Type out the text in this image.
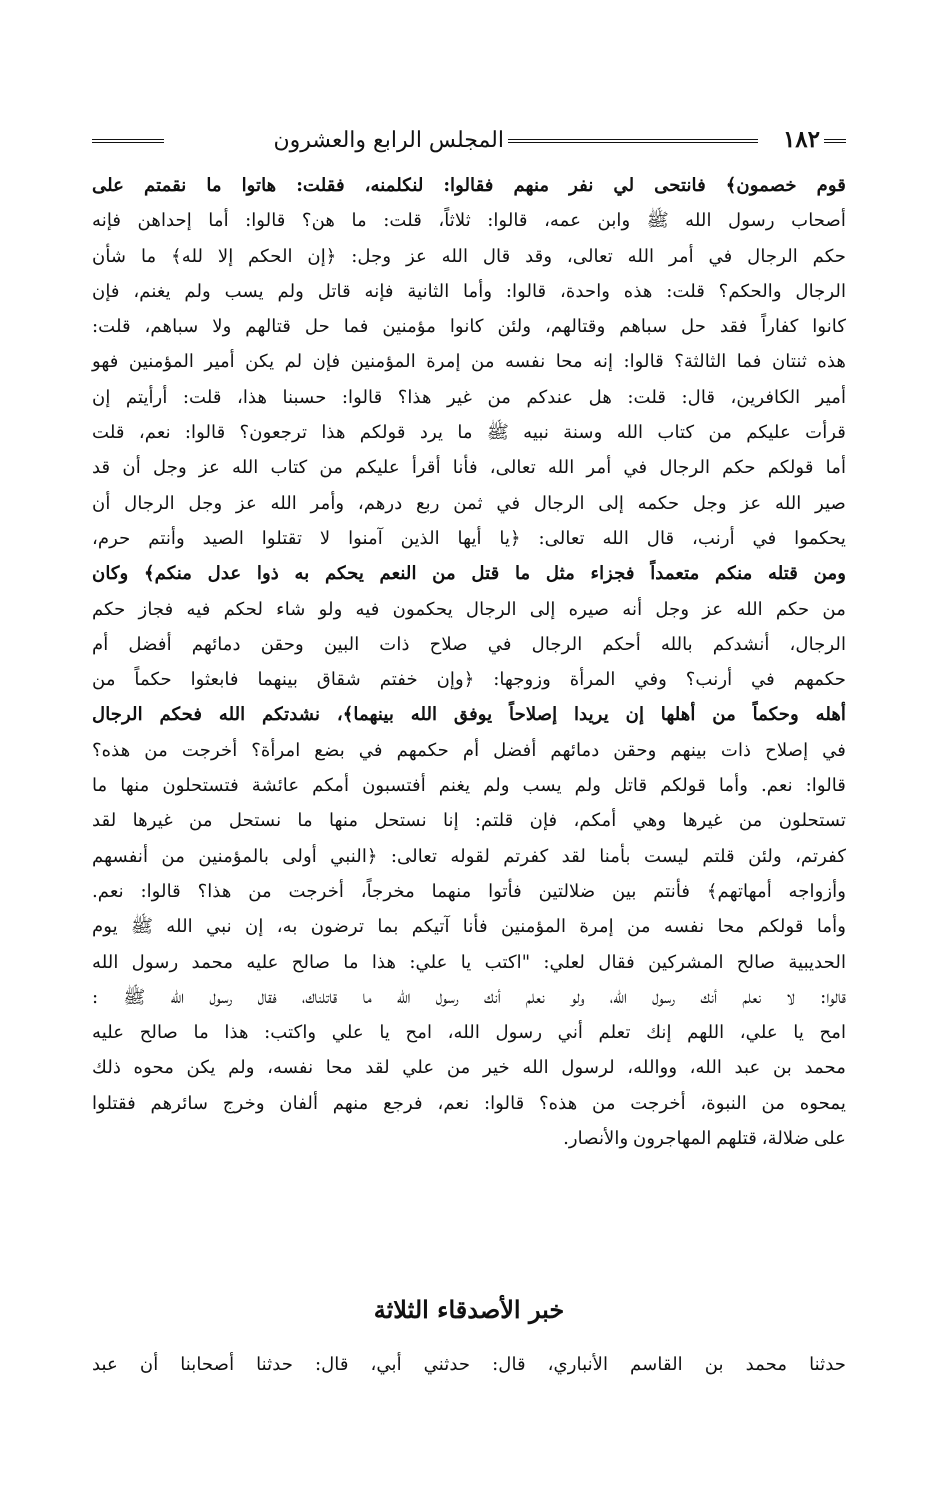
١٨٢
المجلس الرابع والعشرون
قوم خصمون﴾ فانتحى لي نفر منهم فقالوا: لنكلمنه، فقلت: هاتوا ما نقمتم على
أصحاب رسول الله ﷺ وابن عمه، قالوا: ثلاثاً، قلت: ما هن؟ قالوا: أما إحداهن فإنه
حكم الرجال في أمر الله تعالى، وقد قال الله عز وجل: ﴿إن الحكم إلا لله﴾ ما شأن
الرجال والحكم؟ قلت: هذه واحدة، قالوا: وأما الثانية فإنه قاتل ولم يسب ولم يغنم، فإن
كانوا كفاراً فقد حل سباهم وقتالهم، ولئن كانوا مؤمنين فما حل قتالهم ولا سباهم، قلت:
هذه ثنتان فما الثالثة؟ قالوا: إنه محا نفسه من إمرة المؤمنين فإن لم يكن أمير المؤمنين فهو
أمير الكافرين، قال: قلت: هل عندكم من غير هذا؟ قالوا: حسبنا هذا، قلت: أرأيتم إن
قرأت عليكم من كتاب الله وسنة نبيه ﷺ ما يرد قولكم هذا ترجعون؟ قالوا: نعم، قلت
أما قولكم حكم الرجال في أمر الله تعالى، فأنا أقرأ عليكم من كتاب الله عز وجل أن قد
صير الله عز وجل حكمه إلى الرجال في ثمن ربع درهم، وأمر الله عز وجل الرجال أن
يحكموا في أرنب، قال الله تعالى: ﴿يا أيها الذين آمنوا لا تقتلوا الصيد وأنتم حرم،
ومن قتله منكم متعمداً فجزاء مثل ما قتل من النعم يحكم به ذوا عدل منكم﴾ وكان
من حكم الله عز وجل أنه صيره إلى الرجال يحكمون فيه ولو شاء لحكم فيه فجاز حكم
الرجال، أنشدكم بالله أحكم الرجال في صلاح ذات البين وحقن دمائهم أفضل أم
حكمهم في أرنب؟ وفي المرأة وزوجها: ﴿وإن خفتم شقاق بينهما فابعثوا حكماً من
أهله وحكماً من أهلها إن يريدا إصلاحاً يوفق الله بينهما﴾، نشدتكم الله فحكم الرجال
في إصلاح ذات بينهم وحقن دمائهم أفضل أم حكمهم في بضع امرأة؟ أخرجت من هذه؟
قالوا: نعم. وأما قولكم قاتل ولم يسب ولم يغنم أفتسبون أمكم عائشة فتستحلون منها ما
تستحلون من غيرها وهي أمكم، فإن قلتم: إنا نستحل منها ما نستحل من غيرها لقد
كفرتم، ولئن قلتم ليست بأمنا لقد كفرتم لقوله تعالى: ﴿النبي أولى بالمؤمنين من أنفسهم
وأزواجه أمهاتهم﴾ فأنتم بين ضلالتين فأتوا منهما مخرجاً، أخرجت من هذا؟ قالوا: نعم.
وأما قولكم محا نفسه من إمرة المؤمنين فأنا آتيكم بما ترضون به، إن نبي الله ﷺ يوم
الحديبية صالح المشركين فقال لعلي: "اكتب يا علي: هذا ما صالح عليه محمد رسول الله
قالوا: لا نعلم أنك رسول الله، ولو نعلم أنك رسول الله ما قاتلناك، فقال رسول الله ﷺ :
امح يا علي، اللهم إنك تعلم أني رسول الله، امح يا علي واكتب: هذا ما صالح عليه
محمد بن عبد الله، ووالله، لرسول الله خير من علي لقد محا نفسه، ولم يكن محوه ذلك
يمحوه من النبوة، أخرجت من هذه؟ قالوا: نعم، فرجع منهم ألفان وخرج سائرهم فقتلوا
على ضلالة، قتلهم المهاجرون والأنصار.
خبر الأصدقاء الثلاثة
حدثنا محمد بن القاسم الأنباري، قال: حدثني أبي، قال: حدثنا أصحابنا أن عبد
